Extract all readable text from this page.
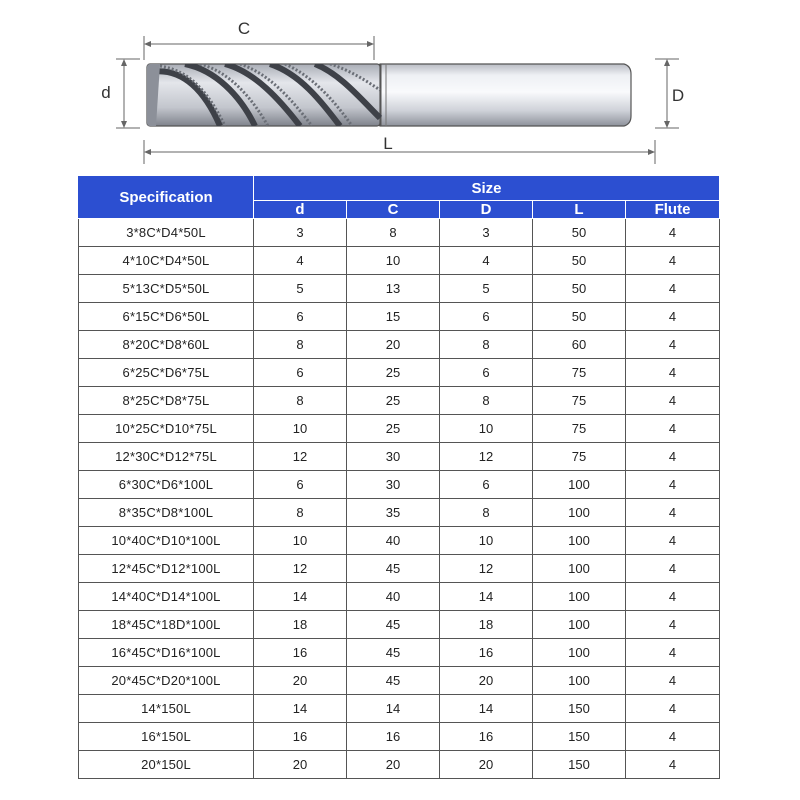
C
d	D
L
Specification	Size				
	d	C	D	L	Flute
3*8C*D4*50L	3	8	3	50	4
4*10C*D4*50L	4	10	4	50	4
5*13C*D5*50L	5	13	5	50	4
6*15C*D6*50L	6	15	6	50	4
8*20C*D8*60L	8	20	8	60	4
6*25C*D6*75L	6	25	6	75	4
8*25C*D8*75L	8	25	8	75	4
10*25C*D10*75L	10	25	10	75	4
12*30C*D12*75L	12	30	12	75	4
6*30C*D6*100L	6	30	6	100	4
8*35C*D8*100L	8	35	8	100	4
10*40C*D10*100L	10	40	10	100	4
12*45C*D12*100L	12	45	12	100	4
14*40C*D14*100L	14	40	14	100	4
18*45C*18D*100L	18	45	18	100	4
16*45C*D16*100L	16	45	16	100	4
20*45C*D20*100L	20	45	20	100	4
14*150L	14	14	14	150	4
16*150L	16	16	16	150	4
20*150L	20	20	20	150	4
